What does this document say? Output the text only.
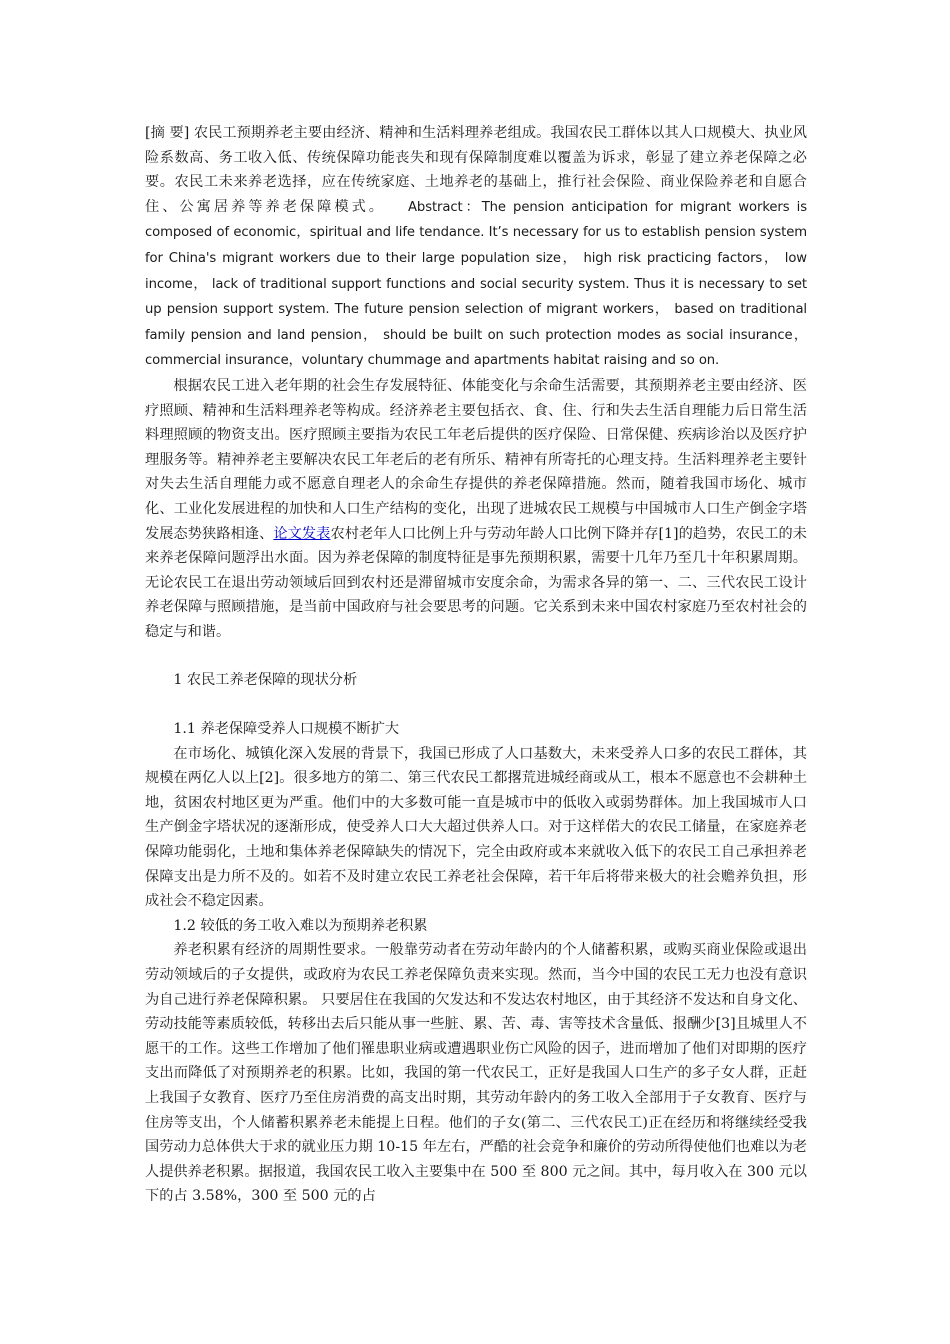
[摘 要] 农民工预期养老主要由经济、精神和生活料理养老组成。我国农民工群体以其人口规模大、执业风险系数高、务工收入低、传统保障功能丧失和现有保障制度难以覆盖为诉求，彰显了建立养老保障之必要。农民工未来养老选择，应在传统家庭、土地养老的基础上，推行社会保险、商业保险养老和自愿合住、公寓居养等养老保障模式。 Abstract：The pension anticipation for migrant workers is composed of economic，spiritual and life tendance. It’s necessary for us to establish pension system for China's migrant workers due to their large population size， high risk practicing factors， low income， lack of traditional support functions and social security system. Thus it is necessary to set up pension support system. The future pension selection of migrant workers， based on traditional family pension and land pension， should be built on such protection modes as social insurance， commercial insurance，voluntary chummage and apartments habitat raising and so on.

根据农民工进入老年期的社会生存发展特征、体能变化与余命生活需要，其预期养老主要由经济、医疗照顾、精神和生活料理养老等构成。经济养老主要包括衣、食、住、行和失去生活自理能力后日常生活料理照顾的物资支出。医疗照顾主要指为农民工年老后提供的医疗保险、日常保健、疾病诊治以及医疗护理服务等。精神养老主要解决农民工年老后的老有所乐、精神有所寄托的心理支持。生活料理养老主要针对失去生活自理能力或不愿意自理老人的余命生存提供的养老保障措施。然而，随着我国市场化、城市化、工业化发展进程的加快和人口生产结构的变化，出现了进城农民工规模与中国城市人口生产倒金字塔发展态势狭路相逢、论文发表农村老年人口比例上升与劳动年龄人口比例下降并存[1]的趋势，农民工的未来养老保障问题浮出水面。因为养老保障的制度特征是事先预期积累，需要十几年乃至几十年积累周期。无论农民工在退出劳动领域后回到农村还是滞留城市安度余命，为需求各异的第一、二、三代农民工设计养老保障与照顾措施，是当前中国政府与社会要思考的问题。它关系到未来中国农村家庭乃至农村社会的稳定与和谐。

1 农民工养老保障的现状分析

1.1 养老保障受养人口规模不断扩大

在市场化、城镇化深入发展的背景下，我国已形成了人口基数大，未来受养人口多的农民工群体，其规模在两亿人以上[2]。很多地方的第二、第三代农民工都撂荒进城经商或从工，根本不愿意也不会耕种土地，贫困农村地区更为严重。他们中的大多数可能一直是城市中的低收入或弱势群体。加上我国城市人口生产倒金字塔状况的逐渐形成，使受养人口大大超过供养人口。对于这样偌大的农民工储量，在家庭养老保障功能弱化，土地和集体养老保障缺失的情况下，完全由政府或本来就收入低下的农民工自己承担养老保障支出是力所不及的。如若不及时建立农民工养老社会保障，若干年后将带来极大的社会赡养负担，形成社会不稳定因素。

1.2 较低的务工收入难以为预期养老积累

养老积累有经济的周期性要求。一般靠劳动者在劳动年龄内的个人储蓄积累，或购买商业保险或退出劳动领域后的子女提供，或政府为农民工养老保障负责来实现。然而，当今中国的农民工无力也没有意识为自己进行养老保障积累。 只要居住在我国的欠发达和不发达农村地区，由于其经济不发达和自身文化、劳动技能等素质较低，转移出去后只能从事一些脏、累、苦、毒、害等技术含量低、报酬少[3]且城里人不愿干的工作。这些工作增加了他们罹患职业病或遭遇职业伤亡风险的因子，进而增加了他们对即期的医疗支出而降低了对预期养老的积累。比如，我国的第一代农民工，正好是我国人口生产的多子女人群，正赶上我国子女教育、医疗乃至住房消费的高支出时期，其劳动年龄内的务工收入全部用于子女教育、医疗与住房等支出，个人储蓄积累养老未能提上日程。他们的子女(第二、三代农民工)正在经历和将继续经受我国劳动力总体供大于求的就业压力期 10-15 年左右，严酷的社会竞争和廉价的劳动所得使他们也难以为老人提供养老积累。据报道，我国农民工收入主要集中在 500 至 800 元之间。其中，每月收入在 300 元以下的占 3.58%，300 至 500 元的占
